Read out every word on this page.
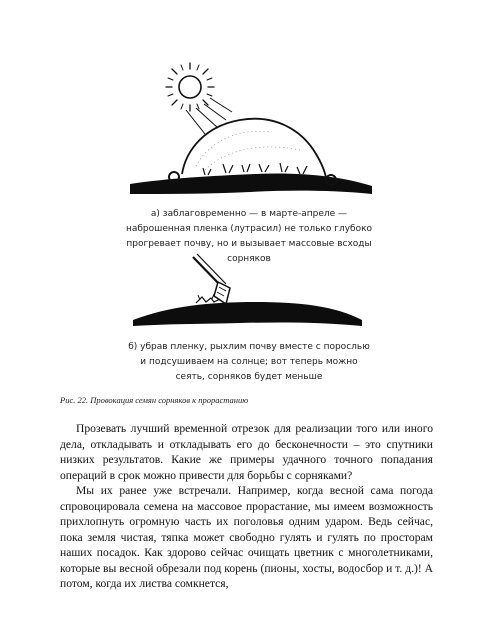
а) заблаговременно — в марте-апреле — наброшенная пленка (лутрасил) не только глубоко прогревает почву, но и вызывает массовые всходы сорняков
б) убрав пленку, рыхлим почву вместе с порослью и подсушиваем на солнце; вот теперь можно сеять, сорняков будет меньше
Рис. 22. Провокация семян сорняков к прорастанию

Прозевать лучший временной отрезок для реализации того или иного дела, откладывать и откладывать его до бесконечности – это спутники низких результатов. Какие же примеры удачного точного попадания операций в срок можно привести для борьбы с сорняками?

Мы их ранее уже встречали. Например, когда весной сама погода спровоцировала семена на массовое прорастание, мы имеем возможность прихлопнуть огромную часть их поголовья одним ударом. Ведь сейчас, пока земля чистая, тяпка может свободно гулять и гулять по просторам наших посадок. Как здорово сейчас очищать цветник с многолетниками, которые вы весной обрезали под корень (пионы, хосты, водосбор и т. д.)! А потом, когда их листва сомкнется,
